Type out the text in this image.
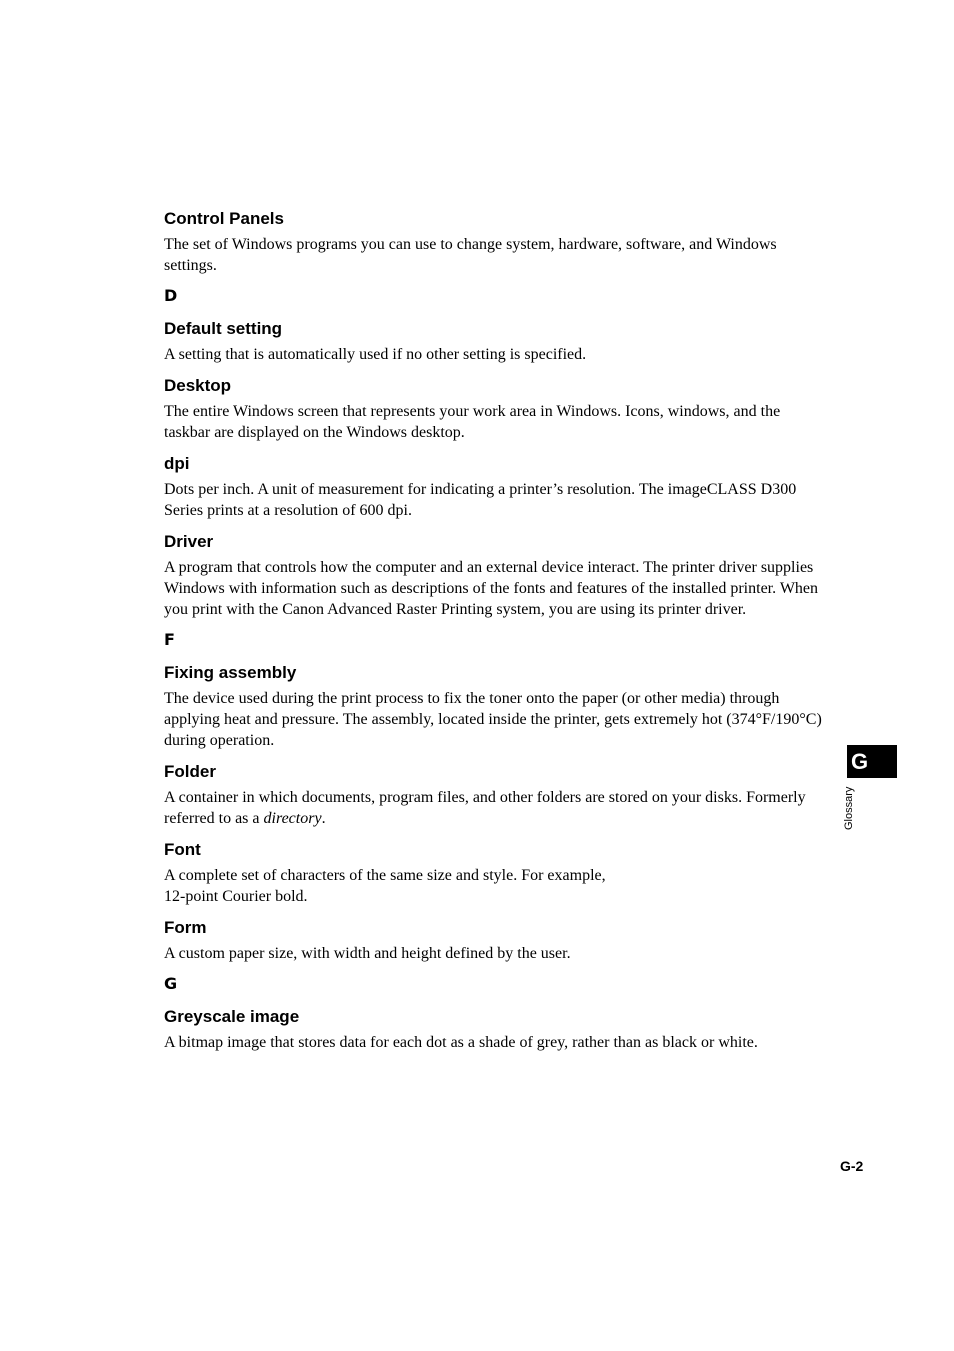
Control Panels

The set of Windows programs you can use to change system, hardware, software, and Windows settings.

D
Default setting

A setting that is automatically used if no other setting is specified.

Desktop

The entire Windows screen that represents your work area in Windows. Icons, windows, and the taskbar are displayed on the Windows desktop.

dpi

Dots per inch. A unit of measurement for indicating a printer’s resolution. The imageCLASS D300 Series prints at a resolution of 600 dpi.

Driver

A program that controls how the computer and an external device interact. The printer driver supplies Windows with information such as descriptions of the fonts and features of the installed printer. When you print with the Canon Advanced Raster Printing system, you are using its printer driver.

F
Fixing assembly

The device used during the print process to fix the toner onto the paper (or other media) through applying heat and pressure. The assembly, located inside the printer, gets extremely hot (374°F/190°C) during operation.

Folder

A container in which documents, program files, and other folders are stored on your disks. Formerly referred to as a directory.

Font

A complete set of characters of the same size and style. For example,
12-point Courier bold.

Form

A custom paper size, with width and height defined by the user.

G
Greyscale image

A bitmap image that stores data for each dot as a shade of grey, rather than as black or white.

G
Glossary
G-2
